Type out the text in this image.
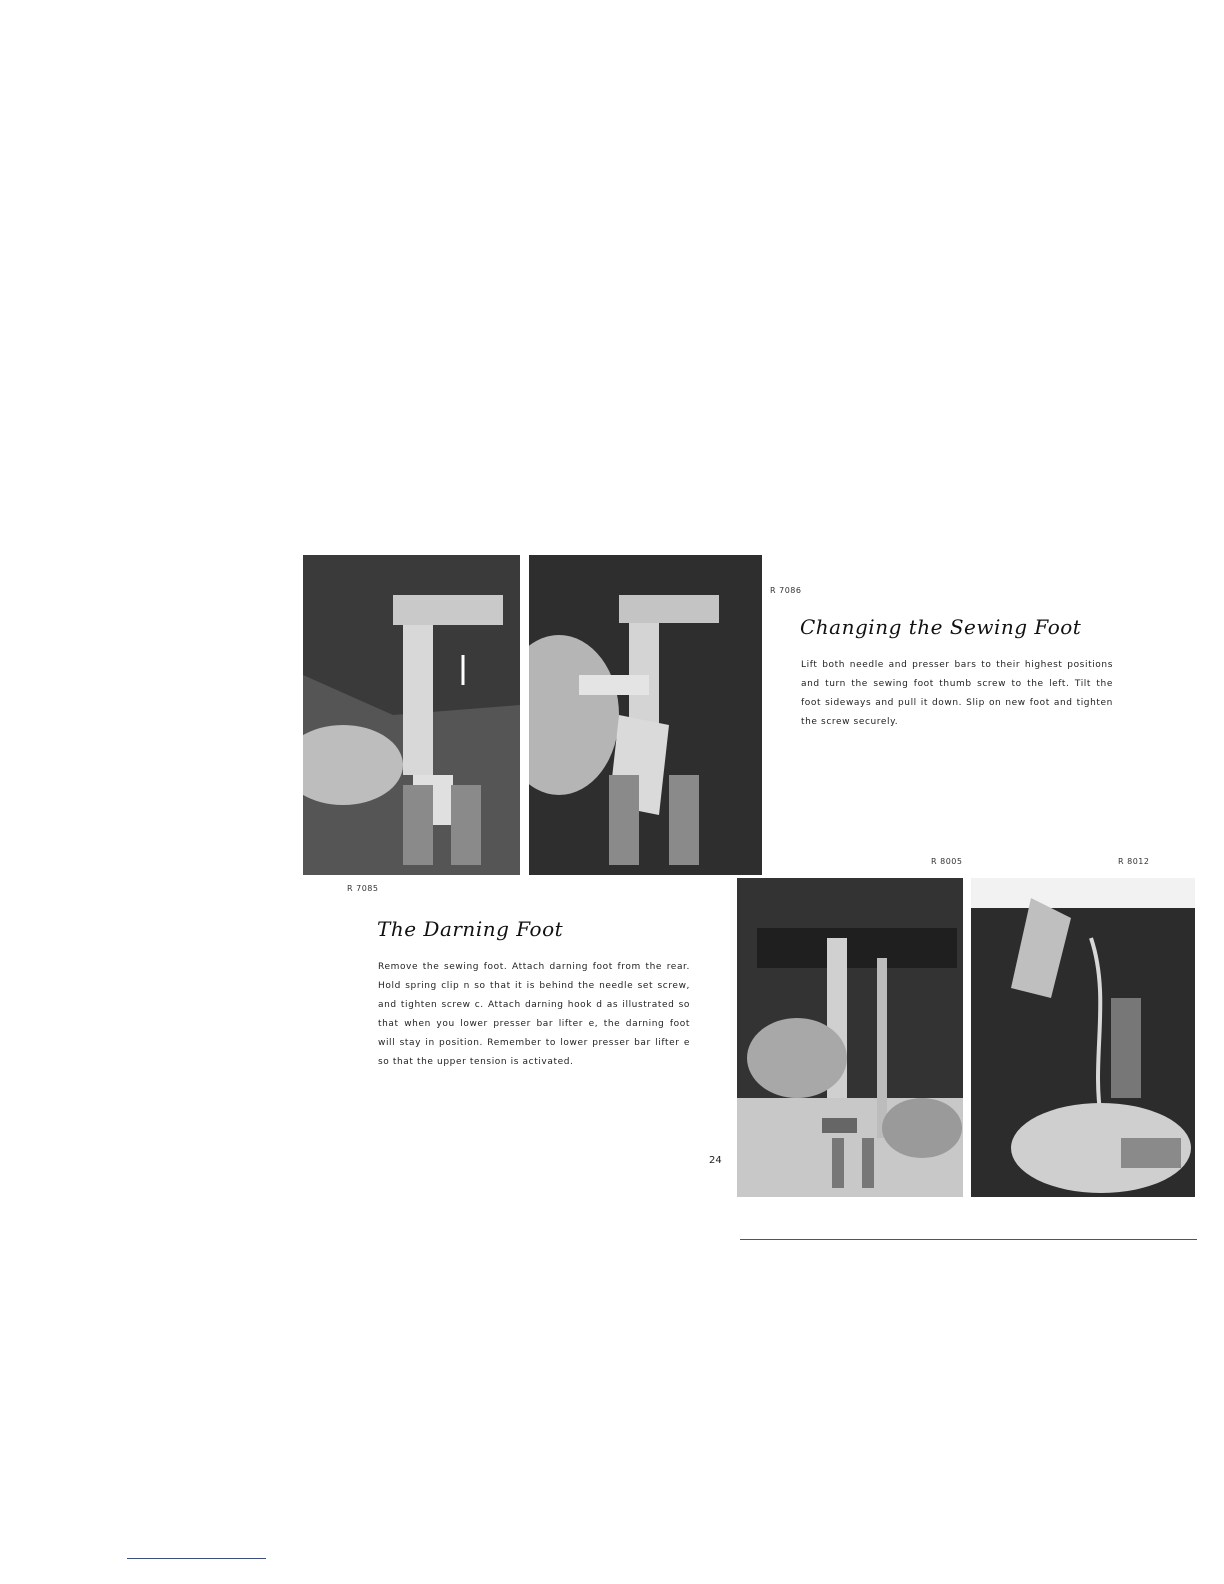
R 7086
R 7085
R 8005	R 8012
Changing the Sewing Foot
Lift both needle and presser bars to their highest positions and turn the sewing foot thumb screw to the left. Tilt the foot sideways and pull it down. Slip on new foot and tighten the screw securely.
The Darning Foot
Remove the sewing foot. Attach darning foot from the rear. Hold spring clip n so that it is behind the needle set screw, and tighten screw c. Attach darning hook d as illustrated so that when you lower presser bar lifter e, the darning foot will stay in position. Remember to lower presser bar lifter e so that the upper tension is activated.
24
